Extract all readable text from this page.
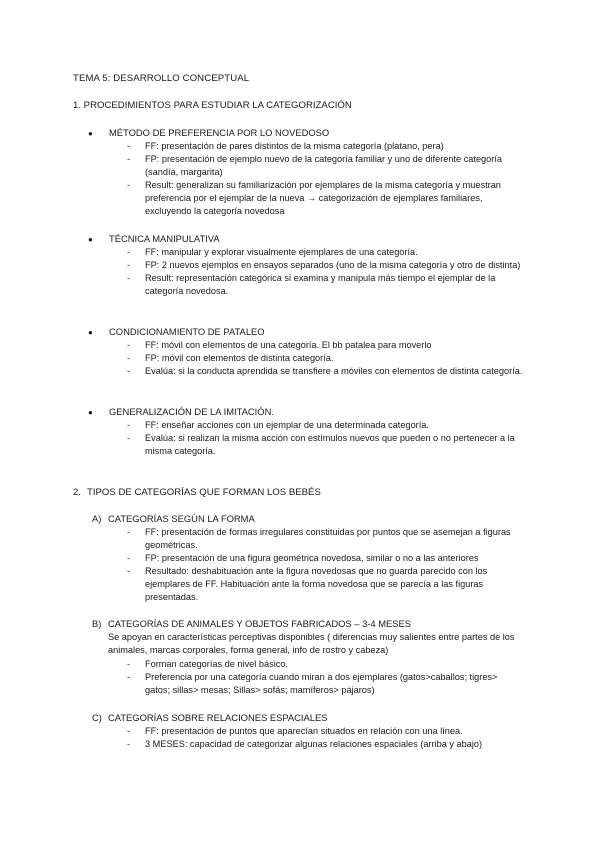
TEMA 5: DESARROLLO CONCEPTUAL
1. PROCEDIMIENTOS PARA ESTUDIAR LA CATEGORIZACIÓN
● MÉTODO DE PREFERENCIA POR LO NOVEDOSO

- FF: presentación de pares distintos de la misma categoría (platano, pera)

- FP: presentación de ejemplo nuevo de la categoría familiar y uno de diferente categoría (sandía, margarita)

- Result: generalizan su familiarización por ejemplares de la misma categoría y muestran preferencia por el ejemplar de la nueva → categorización de ejemplares familiares, excluyendo la categoría novedosa

● TÉCNICA MANIPULATIVA

- FF: manipular y explorar visualmente ejemplares de una categoría.

- FP: 2 nuevos ejemplos en ensayos separados (uno de la misma categoría y otro de distinta)

- Result: representación categórica si examina y manipula más tiempo el ejemplar de la categoría novedosa.

● CONDICIONAMIENTO DE PATALEO

- FF: móvil con elementos de una categoría. El bb patalea para moverlo

- FP: móvil con elementos de distinta categoría.

- Evalúa: si la conducta aprendida se transfiere a móviles con elementos de distinta categoría.

● GENERALIZACIÓN DE LA IMITACIÓN.

- FF: enseñar acciones con un ejemplar de una determinada categoría.

- Evalúa: si realizan la misma acción con estímulos nuevos que pueden o no pertenecer a la misma categoría.

2. TIPOS DE CATEGORÍAS QUE FORMAN LOS BEBÉS
A) CATEGORÍAS SEGÚN LA FORMA

- FF: presentación de formas irregulares constituidas por puntos que se asemejan a figuras geométricas.

- FP: presentación de una figura geométrica novedosa, similar o no a las anteriores

- Resultado: deshabituación ante la figura novedosas que no guarda parecido con los ejemplares de FF. Habituación ante la forma novedosa que se parecía a las figuras presentadas.

B) CATEGORÍAS DE ANIMALES Y OBJETOS FABRICADOS – 3-4 MESES
Se apoyan en características perceptivas disponibles ( diferencias muy salientes entre partes de los animales, marcas corporales, forma general, info de rostro y cabeza)

- Forman categorías de nivel básico.

- Preferencia por una categoría cuando miran a dos ejemplares (gatos>caballos; tigres> gatos; sillas> mesas; Sillas> sofás; mamíferos> pájaros)

C) CATEGORÍAS SOBRE RELACIONES ESPACIALES

- FF: presentación de puntos que aparecían situados en relación con una línea.

- 3 MESES: capacidad de categorizar algunas relaciones espaciales (arriba y abajo)
